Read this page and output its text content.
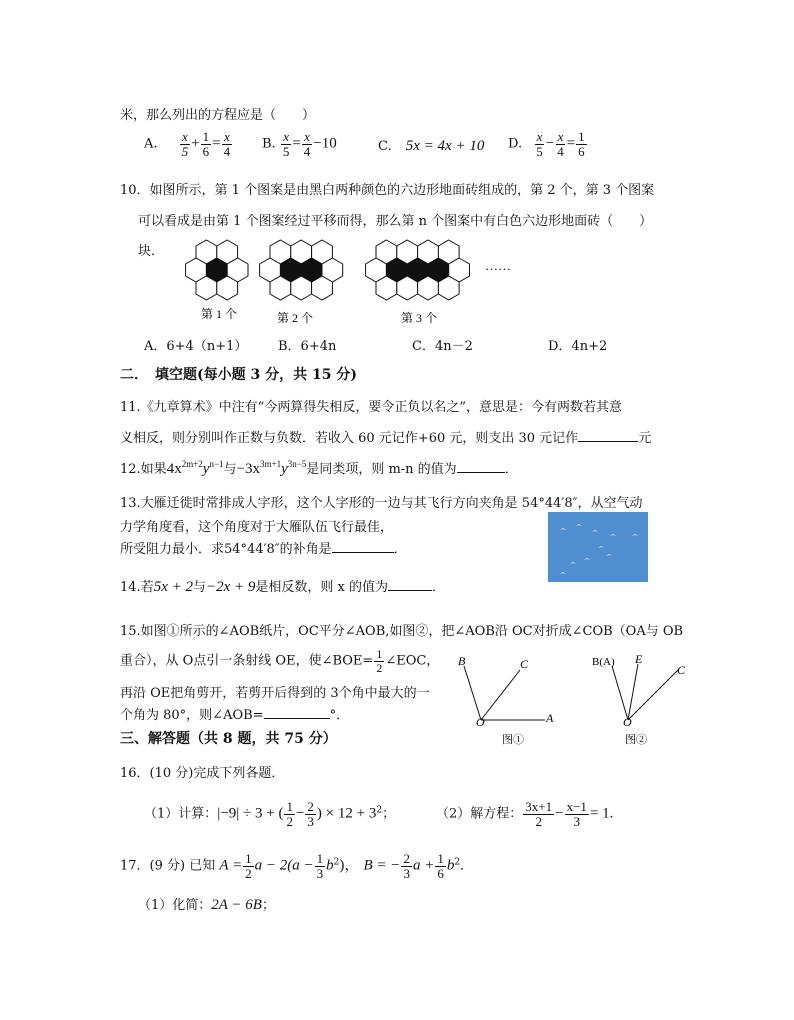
米，那么列出的方程应是（　　）
A. $\frac{x}{5} + \frac{1}{6} = \frac{x}{4} B$. $\frac{x}{5} = \frac{x}{4} -10$	C. 5x = 4x + 10 D. $\frac{x}{5} - \frac{x}{4} = \frac{1}{6}$
10．如图所示，第 1 个图案是由黑白两种颜色的六边形地面砖组成的，第 2 个，第 3 个图案
可以看成是由第 1 个图案经过平移而得，那么第 n 个图案中有白色六边形地面砖（　　）
块．
……
第 1 个	第 2 个	第 3 个
A．6+4（n+1） B．6+4n	C．4n－2	D．4n+2
二．　填空题(每小题 3 分，共 15 分)
11.《九章算术》中注有“今两算得失相反，要令正负以名之”，意思是：今有两数若其意
义相反，则分别叫作正数与负数．若收入 60 元记作+60 元，则支出 30 元记作	元
12.如果$4x^{2m+2}y^{n-1}$与$-3x^{3m+1}y^{3n-5}$是同类项，则 m-n 的值为	．
13.大雁迁徙时常排成人字形，这个人字形的一边与其飞行方向夹角是 54°44′8″，从空气动
力学角度看，这个角度对于大雁队伍飞行最佳，
所受阻力最小．求54°44′8″的补角是	．
14.若5x + 2与−2x + 9是相反数，则 x 的值为	．
15.如图①所示的∠AOB纸片，OC平分∠AOB,如图②，把∠AOB沿 OC对折成∠COB（OA与 OB
重合），从 O点引一条射线 OE，使∠BOE= $\frac{1}{2}$ ∠EOC，
再沿 OE把角剪开，若剪开后得到的 3个角中最大的一
个角为 80°，则∠AOB=	°．
B	C
O	A
图①
B(A) E
C
O
图②
三、解答题（共 8 题，共 75 分）
16．(10 分)完成下列各题．
（1）计算：|−9| ÷ 3 + ( $\frac{1}{2} - \frac{2}{3}$ ) × $12 + 3^2$；	（2）解方程： $\frac{3x+1}{2} - \frac{x-1}{3} = 1$.
17．(9 分) 已知 $A = \frac{1}{2}$ $a - 2(a - \frac{1}{3} b^2)$， B = − $\frac{2}{3}$ $a + \frac{1}{6} b^2$．
（1）化简：2A − 6B；
